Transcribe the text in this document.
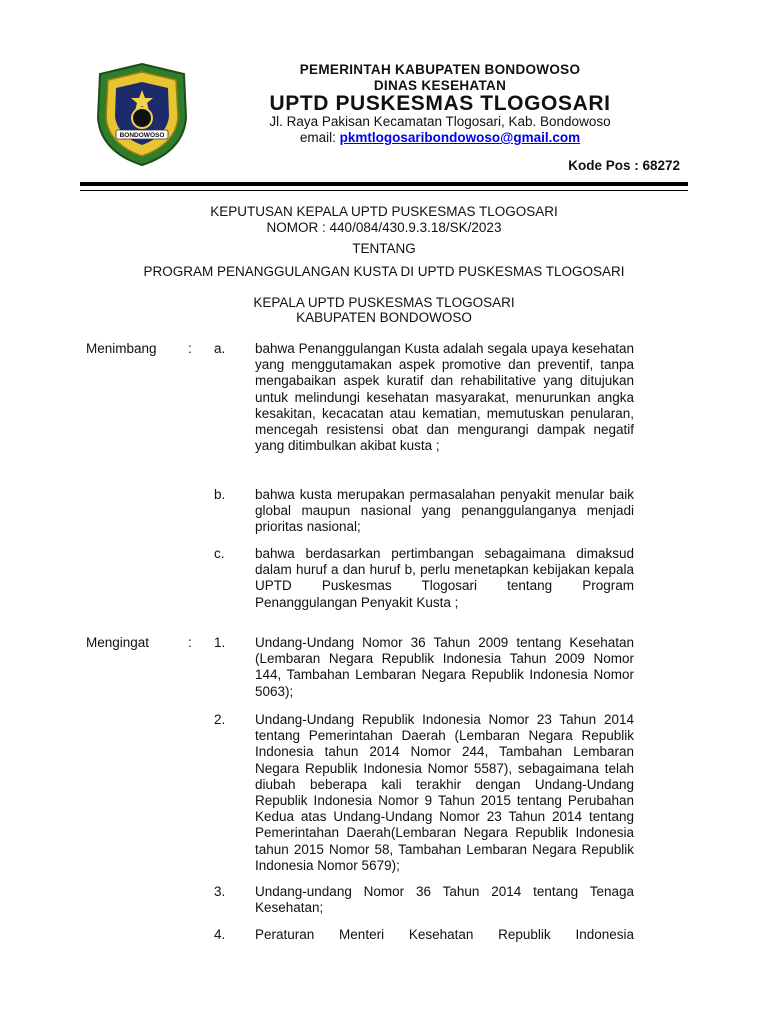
BONDOWOSO
PEMERINTAH KABUPATEN BONDOWOSO
DINAS KESEHATAN
UPTD PUSKESMAS TLOGOSARI
Jl. Raya Pakisan Kecamatan Tlogosari, Kab. Bondowoso
email: pkmtlogosaribondowoso@gmail.com
Kode Pos : 68272
KEPUTUSAN KEPALA UPTD PUSKESMAS TLOGOSARI
NOMOR : 440/084/430.9.3.18/SK/2023
TENTANG
PROGRAM PENANGGULANGAN KUSTA DI UPTD PUSKESMAS TLOGOSARI
KEPALA UPTD PUSKESMAS TLOGOSARI
KABUPATEN BONDOWOSO
Menimbang : a. bahwa Penanggulangan Kusta adalah segala upaya kesehatan yang menggutamakan aspek promotive dan preventif, tanpa mengabaikan aspek kuratif dan rehabilitative yang ditujukan untuk melindungi kesehatan masyarakat, menurunkan angka kesakitan, kecacatan atau kematian, memutuskan penularan, mencegah resistensi obat dan mengurangi dampak negatif yang ditimbulkan akibat kusta ;
b. bahwa kusta merupakan permasalahan penyakit menular baik global maupun nasional yang penanggulanganya menjadi prioritas nasional;
c. bahwa berdasarkan pertimbangan sebagaimana dimaksud dalam huruf a dan huruf b, perlu menetapkan kebijakan kepala UPTD Puskesmas Tlogosari tentang Program Penanggulangan Penyakit Kusta ;
Mengingat	: 1. Undang-Undang Nomor 36 Tahun 2009 tentang Kesehatan (Lembaran Negara Republik Indonesia Tahun 2009 Nomor 144, Tambahan Lembaran Negara Republik Indonesia Nomor 5063);
2. Undang-Undang Republik Indonesia Nomor 23 Tahun 2014 tentang Pemerintahan Daerah (Lembaran Negara Republik Indonesia tahun 2014 Nomor 244, Tambahan Lembaran Negara Republik Indonesia Nomor 5587), sebagaimana telah diubah beberapa kali terakhir dengan Undang-Undang Republik Indonesia Nomor 9 Tahun 2015 tentang Perubahan Kedua atas Undang-Undang Nomor 23 Tahun 2014 tentang Pemerintahan Daerah(Lembaran Negara Republik Indonesia tahun 2015 Nomor 58, Tambahan Lembaran Negara Republik Indonesia Nomor 5679);
3. Undang-undang Nomor 36 Tahun 2014 tentang Tenaga Kesehatan;
4. Peraturan Menteri Kesehatan Republik Indonesia
